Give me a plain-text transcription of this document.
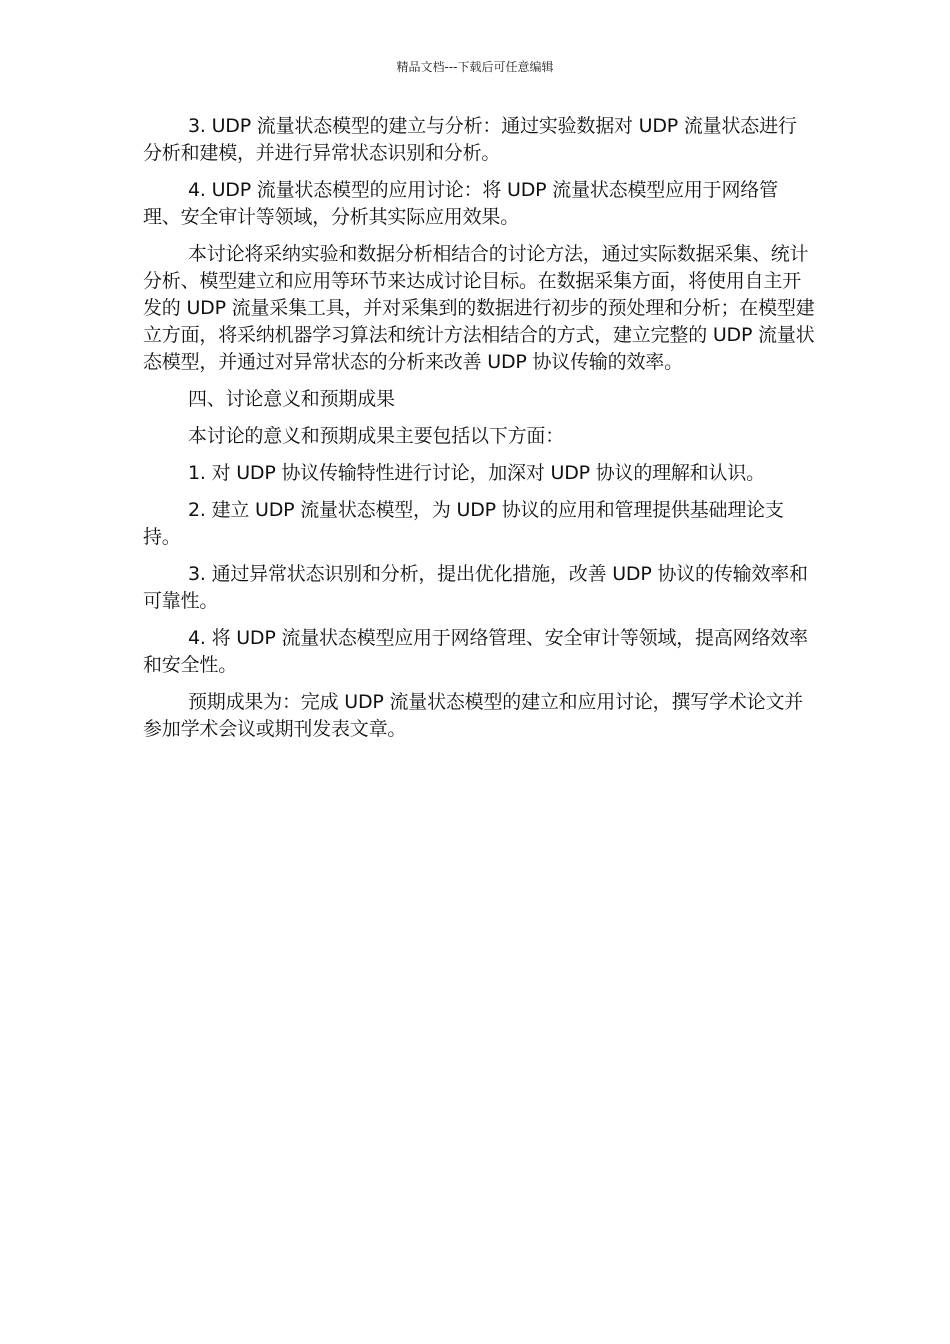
精品文档---下载后可任意编辑

3. UDP 流量状态模型的建立与分析：通过实验数据对 UDP 流量状态进行分析和建模，并进行异常状态识别和分析。

4. UDP 流量状态模型的应用讨论：将 UDP 流量状态模型应用于网络管理、安全审计等领域，分析其实际应用效果。

本讨论将采纳实验和数据分析相结合的讨论方法，通过实际数据采集、统计分析、模型建立和应用等环节来达成讨论目标。在数据采集方面，将使用自主开发的 UDP 流量采集工具，并对采集到的数据进行初步的预处理和分析；在模型建立方面，将采纳机器学习算法和统计方法相结合的方式，建立完整的 UDP 流量状态模型，并通过对异常状态的分析来改善 UDP 协议传输的效率。

四、讨论意义和预期成果

本讨论的意义和预期成果主要包括以下方面：

1. 对 UDP 协议传输特性进行讨论，加深对 UDP 协议的理解和认识。

2. 建立 UDP 流量状态模型，为 UDP 协议的应用和管理提供基础理论支持。

3. 通过异常状态识别和分析，提出优化措施，改善 UDP 协议的传输效率和可靠性。

4. 将 UDP 流量状态模型应用于网络管理、安全审计等领域，提高网络效率和安全性。

预期成果为：完成 UDP 流量状态模型的建立和应用讨论，撰写学术论文并参加学术会议或期刊发表文章。
